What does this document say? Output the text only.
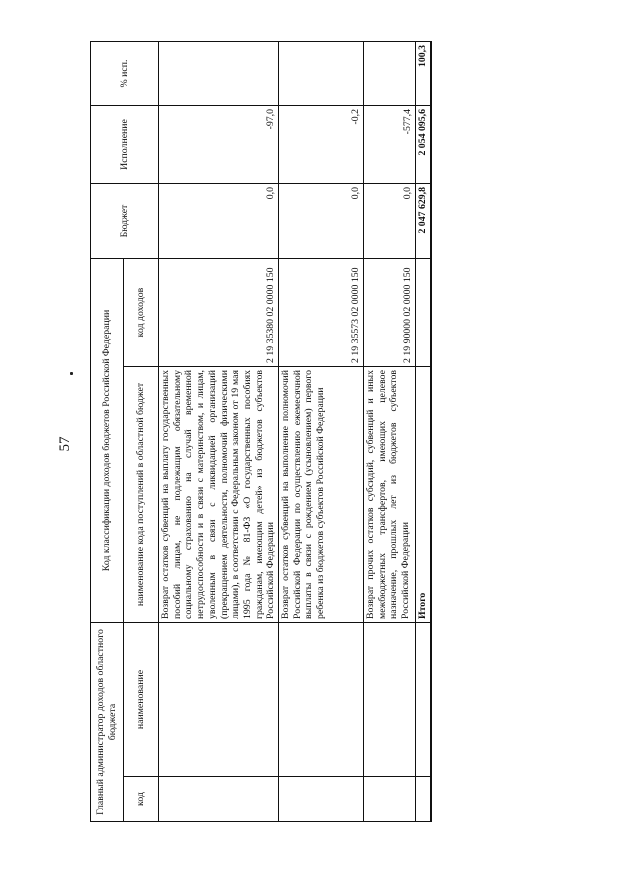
57
Главный администратор доходов областного бюджета		Код классификации доходов бюджетов Российской Федерации		Бюджет	Исполнение	% исп.
код	наименование	наименование кода поступлений в областной бюджет	код доходов			
		Возврат остатков субвенций на выплату государственных пособий лицам, не подлежащим обязательному социальному страхованию на случай временной нетрудоспособности и в связи с материнством, и лицам, уволенным в связи с ликвидацией организаций (прекращением деятельности, полномочий физическими лицами), в соответствии с Федеральным законом от 19 мая 1995 года № 81-ФЗ «О государственных пособиях гражданам, имеющим детей» из бюджетов субъектов Российской Федерации	2 19 35380 02 0000 150	0,0	-97,0	
		Возврат остатков субвенций на выполнение полномочий Российской Федерации по осуществлению ежемесячной выплаты в связи с рождением (усыновлением) первого ребенка из бюджетов субъектов Российской Федерации	2 19 35573 02 0000 150	0,0	-0,2	
		Возврат прочих остатков субсидий, субвенций и иных межбюджетных трансфертов, имеющих целевое назначение, прошлых лет из бюджетов субъектов Российской Федерации	2 19 90000 02 0000 150	0,0	-577,4	
		Итого		2 047 629,8	2 054 095,6	100,3
